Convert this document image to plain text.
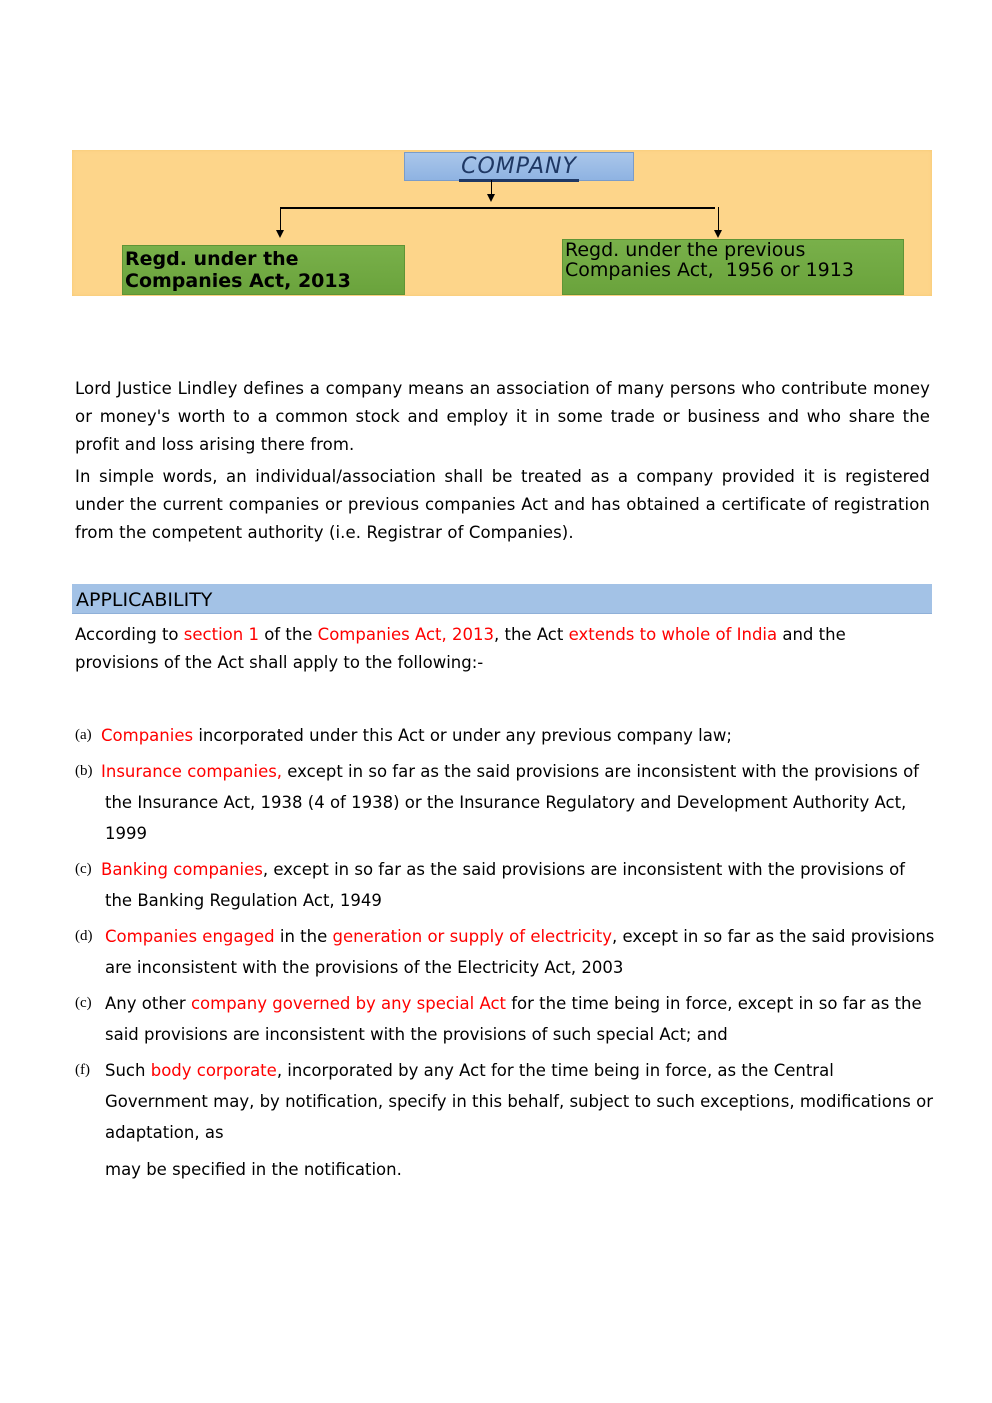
COMPANY
Regd. under the
Companies Act, 2013
Regd. under the previous
Companies Act,  1956 or 1913

Lord Justice Lindley defines a company means an association of many persons who contribute money or money's worth to a common stock and employ it in some trade or business and who share the profit and loss arising there from.

In simple words, an individual/association shall be treated as a company provided it is registered under the current companies or previous companies Act and has obtained a certificate of registration from the competent authority (i.e. Registrar of Companies).

APPLICABILITY

According to section 1 of the Companies Act, 2013, the Act extends to whole of India and the provisions of the Act shall apply to the following:-

(a) Companies incorporated under this Act or under any previous company law;
(b) Insurance companies, except in so far as the said provisions are inconsistent with the provisions of the Insurance Act, 1938 (4 of 1938) or the Insurance Regulatory and Development Authority Act, 1999
(c) Banking companies, except in so far as the said provisions are inconsistent with the provisions of the Banking Regulation Act, 1949
(d) Companies engaged in the generation or supply of electricity, except in so far as the said provisions are inconsistent with the provisions of the Electricity Act, 2003
(c) Any other company governed by any special Act for the time being in force, except in so far as the said provisions are inconsistent with the provisions of such special Act; and
(f) Such body corporate, incorporated by any Act for the time being in force, as the Central Government may, by notification, specify in this behalf, subject to such exceptions, modifications or adaptation, as
may be specified in the notification.
